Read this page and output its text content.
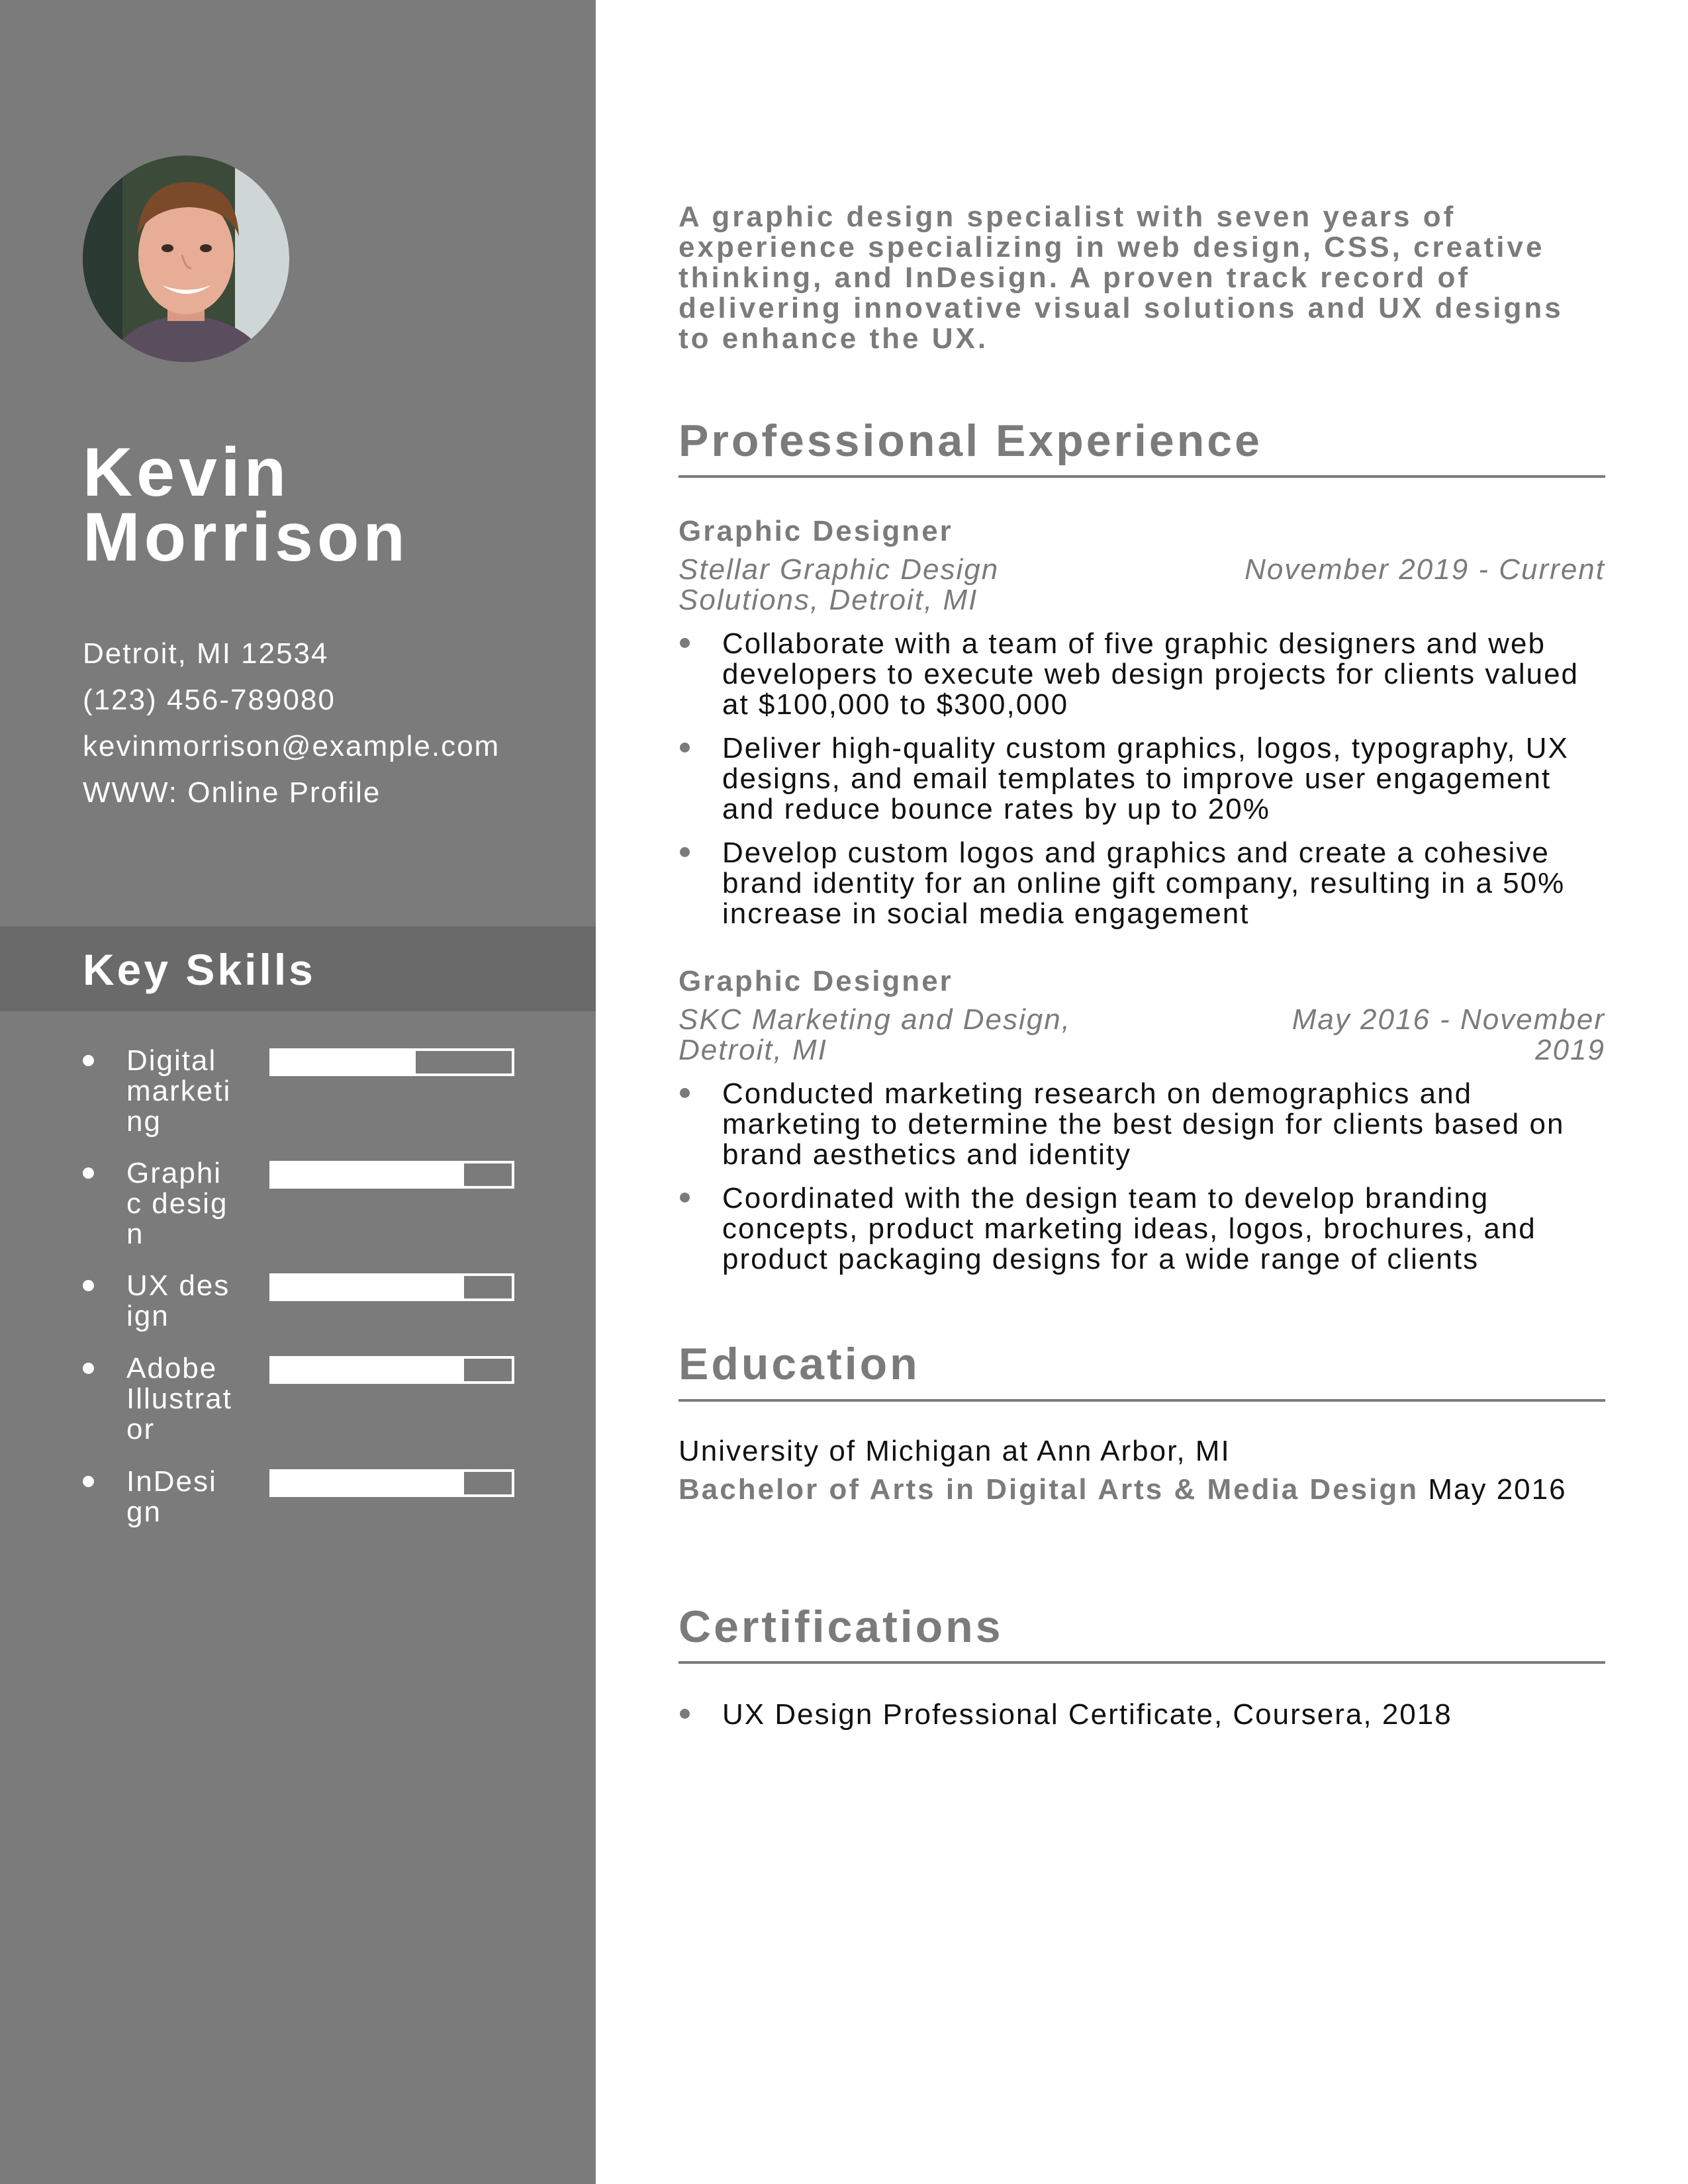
Kevin
Morrison
Detroit, MI 12534
(123) 456-789080
kevinmorrison@example.com
WWW: Online Profile
Key Skills
Digital marketing
Graphic design
UX design
Adobe Illustrator
InDesign
A graphic design specialist with seven years of experience specializing in web design, CSS, creative thinking, and InDesign. A proven track record of delivering innovative visual solutions and UX designs to enhance the UX.
Professional Experience
Graphic Designer
Stellar Graphic Design Solutions, Detroit, MI
November 2019 - Current
Collaborate with a team of five graphic designers and web developers to execute web design projects for clients valued at $100,000 to $300,000
Deliver high-quality custom graphics, logos, typography, UX designs, and email templates to improve user engagement and reduce bounce rates by up to 20%
Develop custom logos and graphics and create a cohesive brand identity for an online gift company, resulting in a 50% increase in social media engagement
Graphic Designer
SKC Marketing and Design, Detroit, MI
May 2016 - November 2019
Conducted marketing research on demographics and marketing to determine the best design for clients based on brand aesthetics and identity
Coordinated with the design team to develop branding concepts, product marketing ideas, logos, brochures, and product packaging designs for a wide range of clients
Education
University of Michigan at Ann Arbor, MI
Bachelor of Arts in Digital Arts & Media Design May 2016
Certifications
UX Design Professional Certificate, Coursera, 2018
